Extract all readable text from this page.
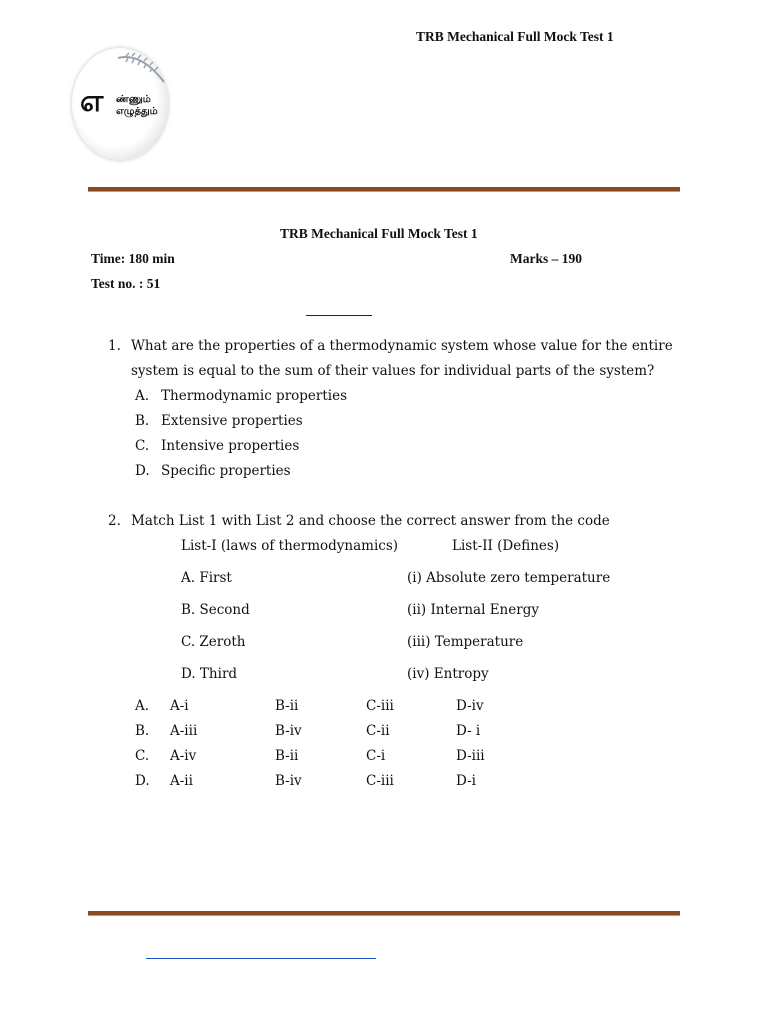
TRB Mechanical Full Mock Test 1
எ ண்ணும்
எழுத்தும்
TRB Mechanical Full Mock Test 1
Time: 180 min	Marks – 190
Test no. : 51
1. What are the properties of a thermodynamic system whose value for the entire
system is equal to the sum of their values for individual parts of the system?
A. Thermodynamic properties
B. Extensive properties
C. Intensive properties
D. Specific properties
2. Match List 1 with List 2 and choose the correct answer from the code
List-I (laws of thermodynamics)	List-II (Defines)
A. First	(i) Absolute zero temperature
B. Second	(ii) Internal Energy
C. Zeroth	(iii) Temperature
D. Third	(iv) Entropy
A. A-i	B-ii	C-iii	D-iv
B. A-iii	B-iv	C-ii	D- i
C. A-iv	B-ii	C-i	D-iii
D. A-ii	B-iv	C-iii	D-i
